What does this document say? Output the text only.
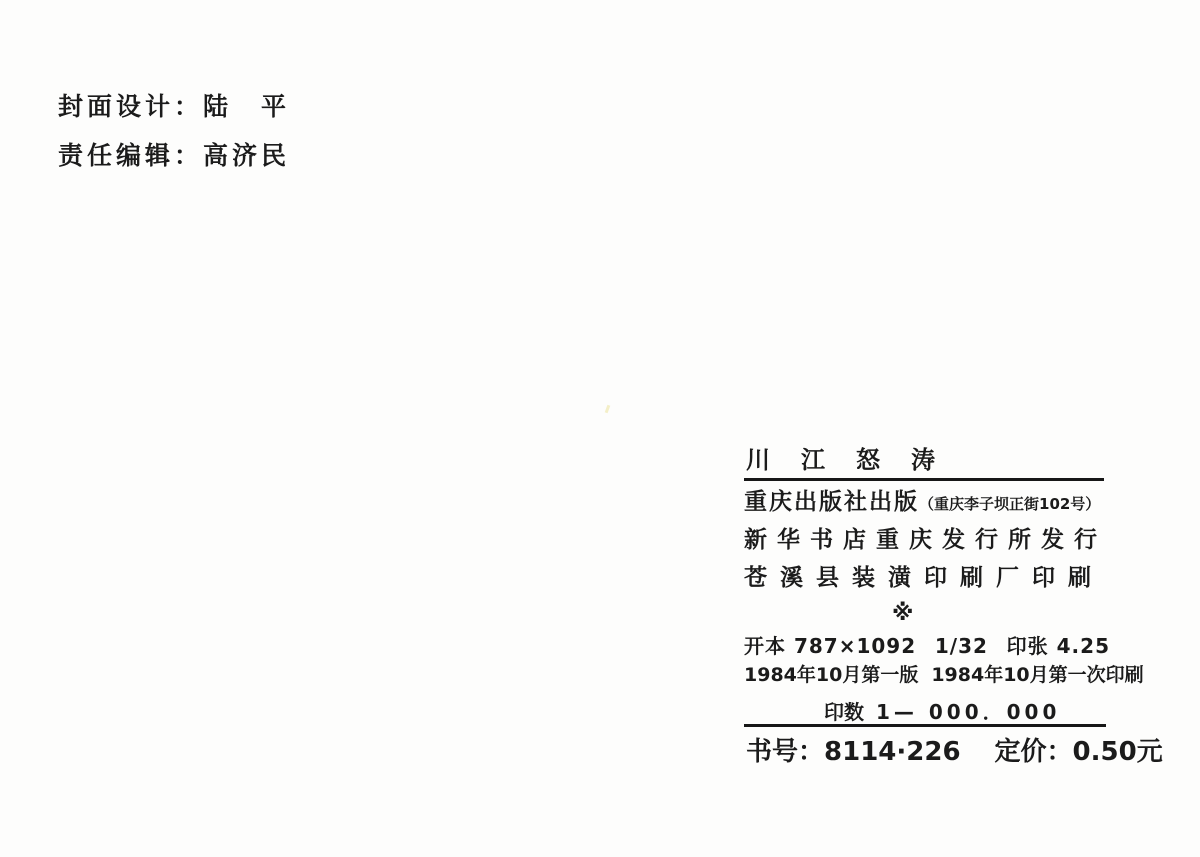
封面设计：陆　平
责任编辑：高济民
川江怒涛
重庆出版社出版（重庆李子坝正街102号）
新华书店重庆发行所发行
苍溪县装潢印刷厂印刷
※
开本 787×1092 1/32 印张 4.25
1984年10月第一版 1984年10月第一次印刷
印数 1— 000．000
书号：8114·226 定价：0.50元
